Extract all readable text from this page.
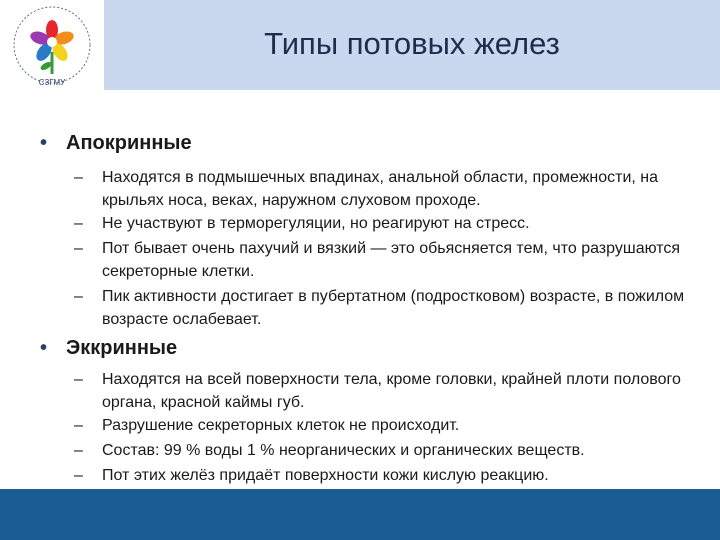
СЗГМУ
Типы потовых желез
• Апокринные
– Находятся в подмышечных впадинах, анальной области, промежности, на крыльях носа, веках, наружном слуховом проходе.
– Не участвуют в терморегуляции, но реагируют на стресс.
– Пот бывает очень пахучий и вязкий — это обьясняется тем, что разрушаются секреторные клетки.
– Пик активности достигает в пубертатном (подростковом) возрасте, в пожилом возрасте ослабевает.
• Эккринные
– Находятся на всей поверхности тела, кроме головки, крайней плоти полового органа, красной каймы губ.
– Разрушение секреторных клеток не происходит.
– Состав: 99 % воды 1 % неорганических и органических веществ.
– Пот этих желёз придаёт поверхности кожи кислую реакцию.
